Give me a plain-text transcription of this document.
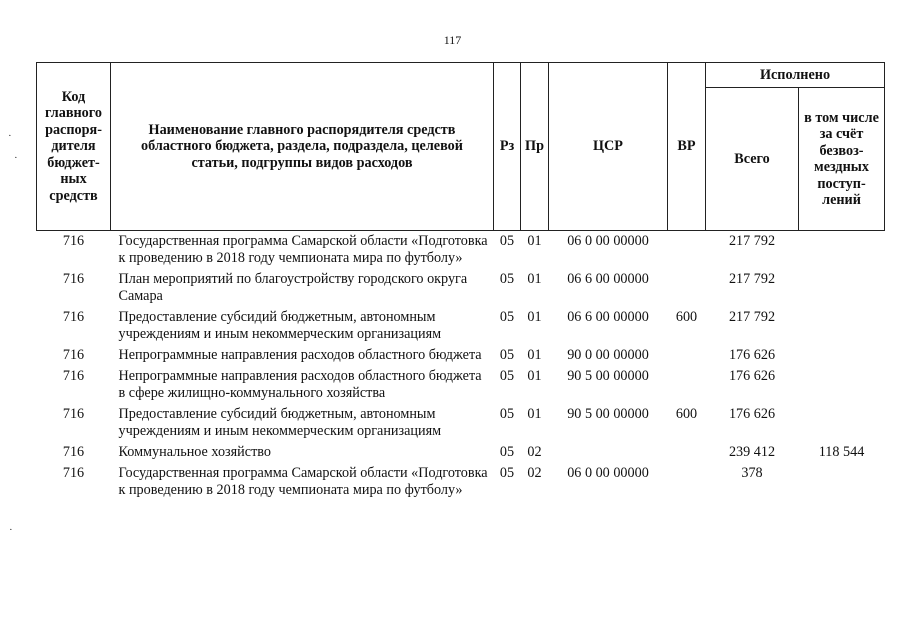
117
·
·
·
Код главного распоря-дителя бюджет-ных средств	Наименование главного распорядителя средств областного бюджета, раздела, подраздела, целевой статьи, подгруппы видов расходов	Рз	Пр	ЦСР	ВР	Исполнено	
						Всего	в том числе за счёт безвоз-мездных поступ-лений
716	Государственная программа Самарской области «Подготовка к проведению в 2018 году чемпионата мира по футболу»	05	01	06 0 00 00000		217 792	
716	План мероприятий по благоустройству городского округа Самара	05	01	06 6 00 00000		217 792	
716	Предоставление субсидий бюджетным, автономным учреждениям и иным некоммерческим организациям	05	01	06 6 00 00000	600	217 792	
716	Непрограммные направления расходов областного бюджета	05	01	90 0 00 00000		176 626	
716	Непрограммные направления расходов областного бюджета в сфере жилищно-коммунального хозяйства	05	01	90 5 00 00000		176 626	
716	Предоставление субсидий бюджетным, автономным учреждениям и иным некоммерческим организациям	05	01	90 5 00 00000	600	176 626	
716	Коммунальное хозяйство	05	02			239 412	118 544
716	Государственная программа Самарской области «Подготовка к проведению в 2018 году чемпионата мира по футболу»	05	02	06 0 00 00000		378	
